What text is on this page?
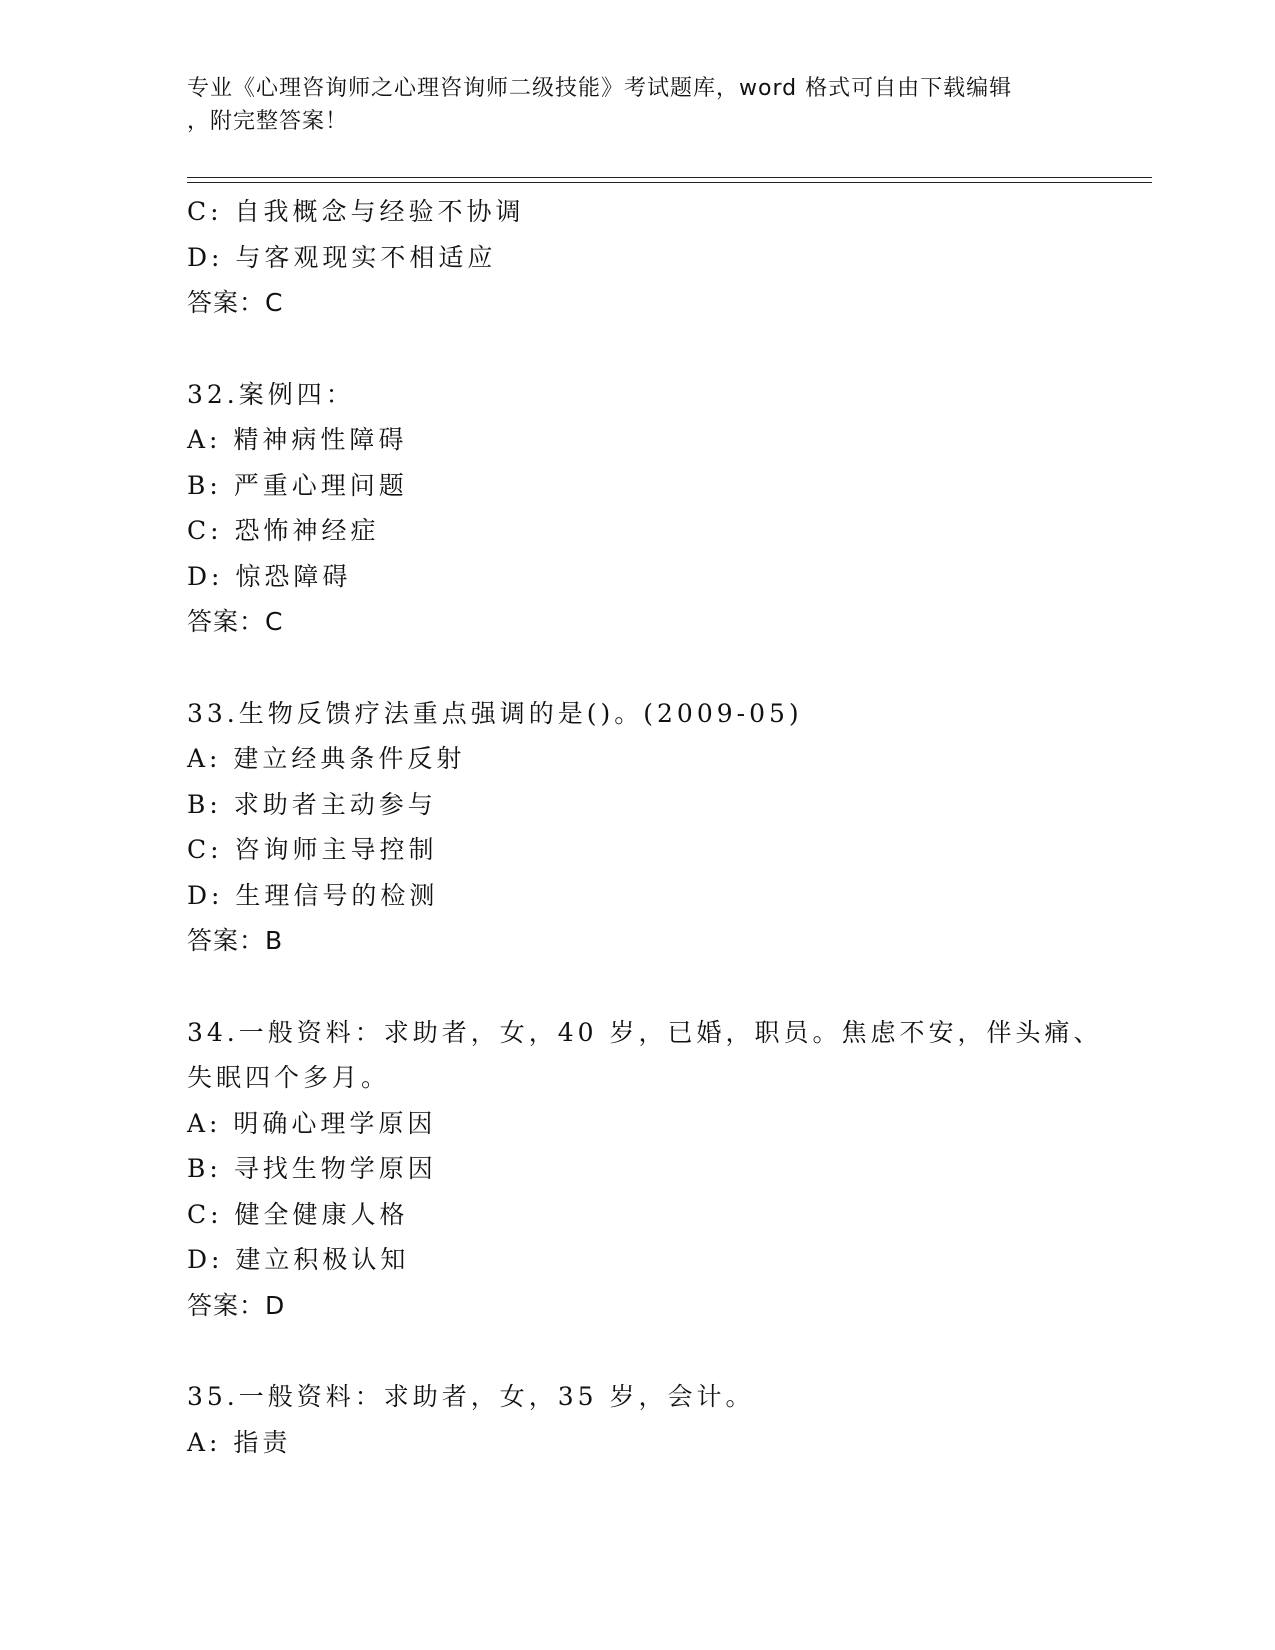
专业《心理咨询师之心理咨询师二级技能》考试题库，word 格式可自由下载编辑
，附完整答案！
C: 自我概念与经验不协调
D: 与客观现实不相适应
答案：C
32.案例四：
A: 精神病性障碍
B: 严重心理问题
C: 恐怖神经症
D: 惊恐障碍
答案：C
33.生物反馈疗法重点强调的是()。(2009-05)
A: 建立经典条件反射
B: 求助者主动参与
C: 咨询师主导控制
D: 生理信号的检测
答案：B
34.一般资料：求助者，女，40 岁，已婚，职员。焦虑不安，伴头痛、
失眠四个多月。
A: 明确心理学原因
B: 寻找生物学原因
C: 健全健康人格
D: 建立积极认知
答案：D
35.一般资料：求助者，女，35 岁，会计。
A: 指责
